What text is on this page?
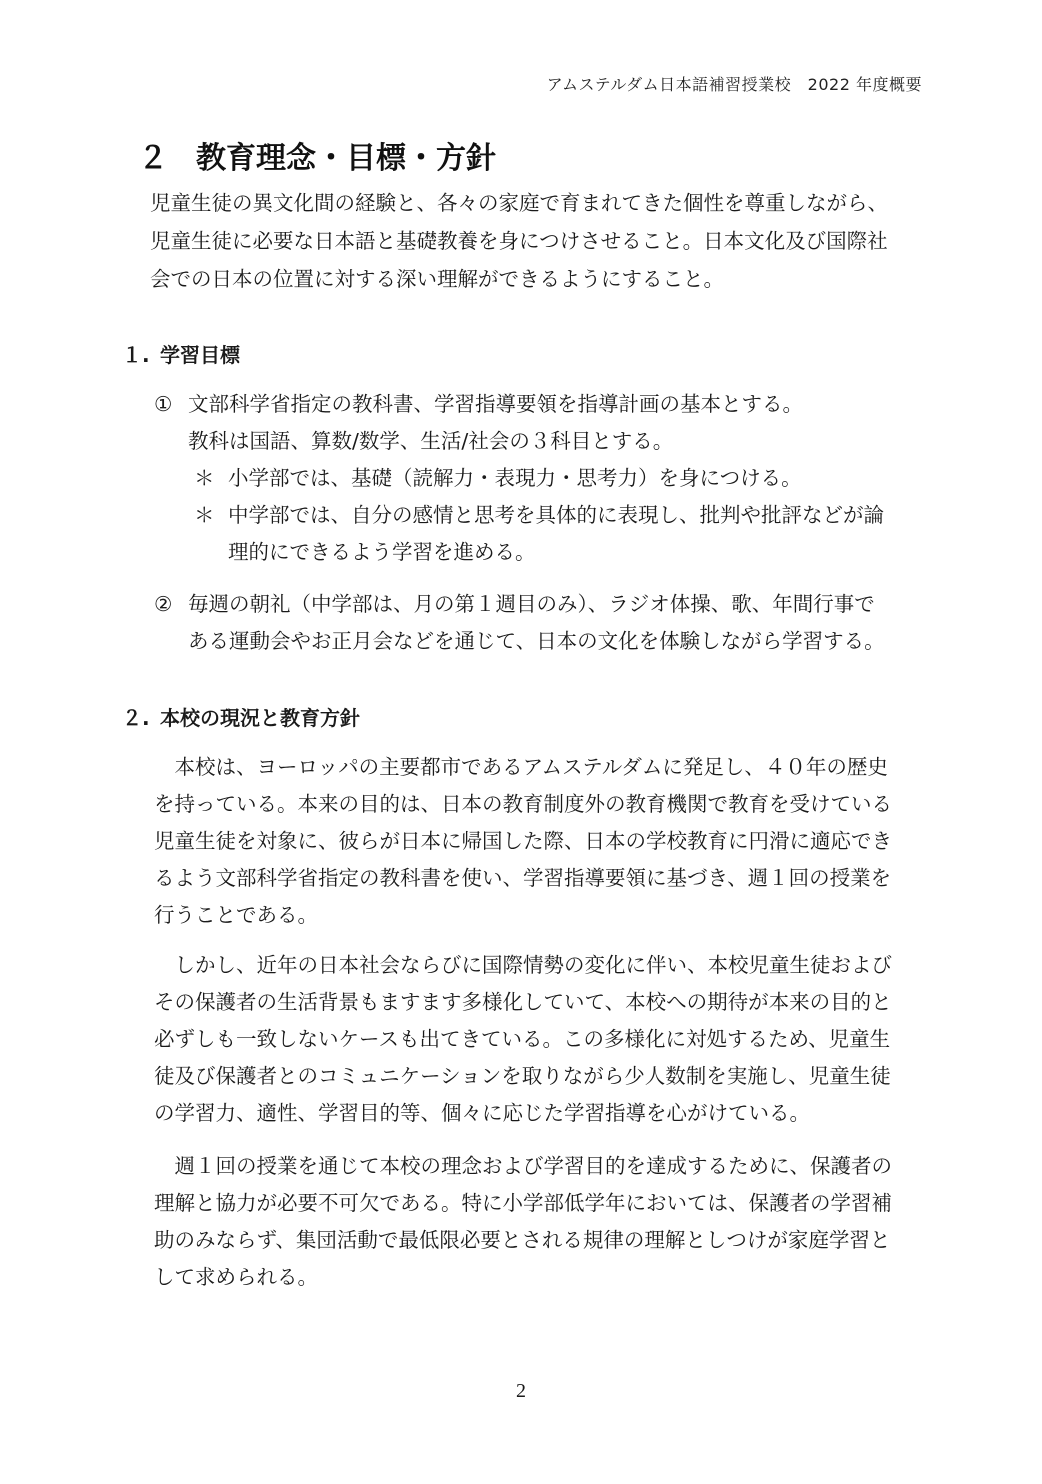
アムステルダム日本語補習授業校　2022 年度概要
２ 教育理念・目標・方針
児童生徒の異文化間の経験と、各々の家庭で育まれてきた個性を尊重しながら、
児童生徒に必要な日本語と基礎教養を身につけさせること。日本文化及び国際社
会での日本の位置に対する深い理解ができるようにすること。
１. 学習目標
① 文部科学省指定の教科書、学習指導要領を指導計画の基本とする。
教科は国語、算数/数学、生活/社会の３科目とする。
＊ 小学部では、基礎（読解力・表現力・思考力）を身につける。
＊ 中学部では、自分の感情と思考を具体的に表現し、批判や批評などが論
理的にできるよう学習を進める。
② 毎週の朝礼（中学部は、月の第１週目のみ）、ラジオ体操、歌、年間行事で
ある運動会やお正月会などを通じて、日本の文化を体験しながら学習する。
２. 本校の現況と教育方針
　本校は、ヨーロッパの主要都市であるアムステルダムに発足し、４０年の歴史
を持っている。本来の目的は、日本の教育制度外の教育機関で教育を受けている
児童生徒を対象に、彼らが日本に帰国した際、日本の学校教育に円滑に適応でき
るよう文部科学省指定の教科書を使い、学習指導要領に基づき、週１回の授業を
行うことである。
　しかし、近年の日本社会ならびに国際情勢の変化に伴い、本校児童生徒および
その保護者の生活背景もますます多様化していて、本校への期待が本来の目的と
必ずしも一致しないケースも出てきている。この多様化に対処するため、児童生
徒及び保護者とのコミュニケーションを取りながら少人数制を実施し、児童生徒
の学習力、適性、学習目的等、個々に応じた学習指導を心がけている。
　週１回の授業を通じて本校の理念および学習目的を達成するために、保護者の
理解と協力が必要不可欠である。特に小学部低学年においては、保護者の学習補
助のみならず、集団活動で最低限必要とされる規律の理解としつけが家庭学習と
して求められる。
2
